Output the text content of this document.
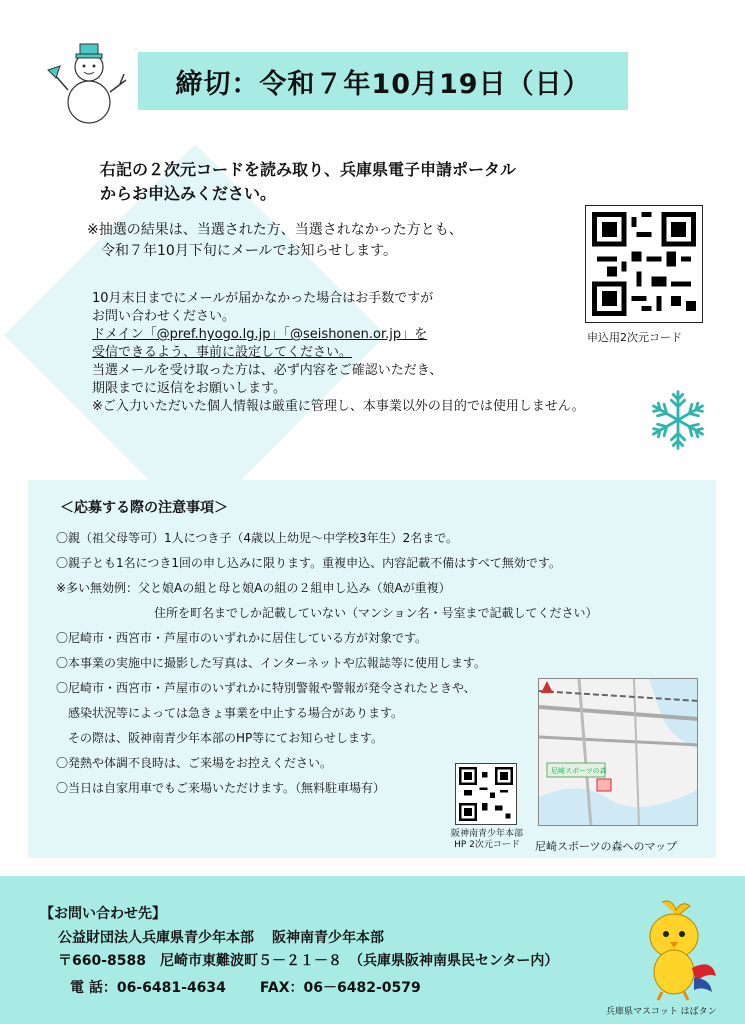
締切：令和７年10月19日（日）
右記の２次元コードを読み取り、兵庫県電子申請ポータル
からお申込みください。
※抽選の結果は、当選された方、当選されなかった方とも、
令和７年10月下旬にメールでお知らせします。
10月末日までにメールが届かなかった場合はお手数ですが
お問い合わせください。
ドメイン「@pref.hyogo.lg.jp」「@seishonen.or.jp」を
受信できるよう、事前に設定してください。
当選メールを受け取った方は、必ず内容をご確認いただき、
期限までに返信をお願いします。
※ご入力いただいた個人情報は厳重に管理し、本事業以外の目的では使用しません。
申込用2次元コード
＜応募する際の注意事項＞
〇親（祖父母等可）1人につき子（4歳以上幼児～中学校3年生）2名まで。
〇親子とも1名につき1回の申し込みに限ります。重複申込、内容記載不備はすべて無効です。
※多い無効例：父と娘Aの組と母と娘Aの組の２組申し込み（娘Aが重複）
住所を町名までしか記載していない（マンション名・号室まで記載してください）
〇尼崎市・西宮市・芦屋市のいずれかに居住している方が対象です。
〇本事業の実施中に撮影した写真は、インターネットや広報誌等に使用します。
〇尼崎市・西宮市・芦屋市のいずれかに特別警報や警報が発令されたときや、
感染状況等によっては急きょ事業を中止する場合があります。
その際は、阪神南青少年本部のHP等にてお知らせします。
〇発熱や体調不良時は、ご来場をお控えください。
〇当日は自家用車でもご来場いただけます。（無料駐車場有）
尼崎スポーツの森
尼崎スポーツの森へのマップ
阪神南青少年本部
HP 2次元コード
【お問い合わせ先】
公益財団法人兵庫県青少年本部 阪神南青少年本部
〒660-8588　尼崎市東難波町５－２１－８　（兵庫県阪神南県民センター内）
電 話：06-6481-4634 FAX：06－6482-0579
兵庫県マスコット はばタン
